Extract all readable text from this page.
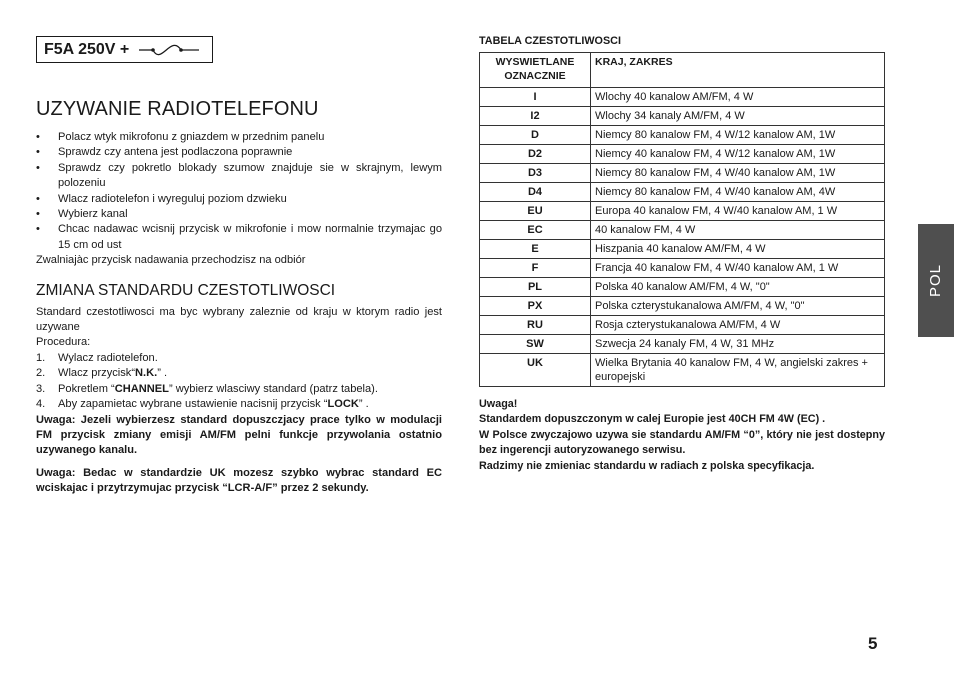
F5A 250V +
UZYWANIE RADIOTELEFONU
• Polacz wtyk mikrofonu z gniazdem w przednim panelu
• Sprawdz czy antena jest podlaczona poprawnie
• Sprawdz czy pokretlo blokady szumow znajduje sie w skrajnym, lewym polozeniu
• Wlacz radiotelefon i wyreguluj poziom dzwieku
• Wybierz kanal
• Chcac nadawac wcisnij przycisk w mikrofonie i mow normalnie trzymajac go 15 cm od ust

Zwalniajàc przycisk nadawania przechodzisz na odbiór

ZMIANA STANDARDU CZESTOTLIWOSCI

Standard czestotliwosci ma byc wybrany zaleznie od kraju w ktorym radio jest uzywane

Procedura:

1. Wylacz radiotelefon.
2. Wlacz przycisk“N.K.” .
3. Pokretlem “CHANNEL” wybierz wlasciwy standard (patrz tabela).
4. Aby zapamietac wybrane ustawienie nacisnij przycisk “LOCK” .

Uwaga: Jezeli wybierzesz standard dopuszczjacy prace tylko w modulacji FM przycisk zmiany emisji AM/FM pelni funkcje przywolania ostatnio uzywanego kanalu.

Uwaga: Bedac w standardzie UK mozesz szybko wybrac standard EC wciskajac i przytrzymujac przycisk “LCR-A/F” przez 2 sekundy.

TABELA CZESTOTLIWOSCI
WYSWIETLANE OZNACZNIE	KRAJ, ZAKRES
I	Wlochy 40 kanalow AM/FM, 4 W
I2	Wlochy 34 kanaly AM/FM, 4 W
D	Niemcy 80 kanalow FM, 4 W/12 kanalow AM, 1W
D2	Niemcy 40 kanalow FM, 4 W/12 kanalow AM, 1W
D3	Niemcy 80 kanalow FM, 4 W/40 kanalow AM, 1W
D4	Niemcy 80 kanalow FM, 4 W/40 kanalow AM, 4W
EU	Europa 40 kanalow FM, 4 W/40 kanalow AM, 1 W
EC	40 kanalow FM, 4 W
E	Hiszpania 40 kanalow AM/FM, 4 W
F	Francja 40 kanalow FM, 4 W/40 kanalow AM, 1 W
PL	Polska 40 kanalow AM/FM, 4 W, "0"
PX	Polska czterystukanalowa AM/FM, 4 W, "0"
RU	Rosja czterystukanalowa AM/FM, 4 W
SW	Szwecja 24 kanaly FM, 4 W, 31 MHz
UK	Wielka Brytania 40 kanalow FM, 4 W, angielski zakres + europejski

Uwaga!

Standardem dopuszczonym w calej Europie jest 40CH FM 4W (EC) .

W Polsce zwyczajowo uzywa sie standardu AM/FM “0”, który nie jest dostepny bez ingerencji autoryzowanego serwisu.

Radzimy nie zmieniac standardu w radiach z polska specyfikacja.

POL
5
